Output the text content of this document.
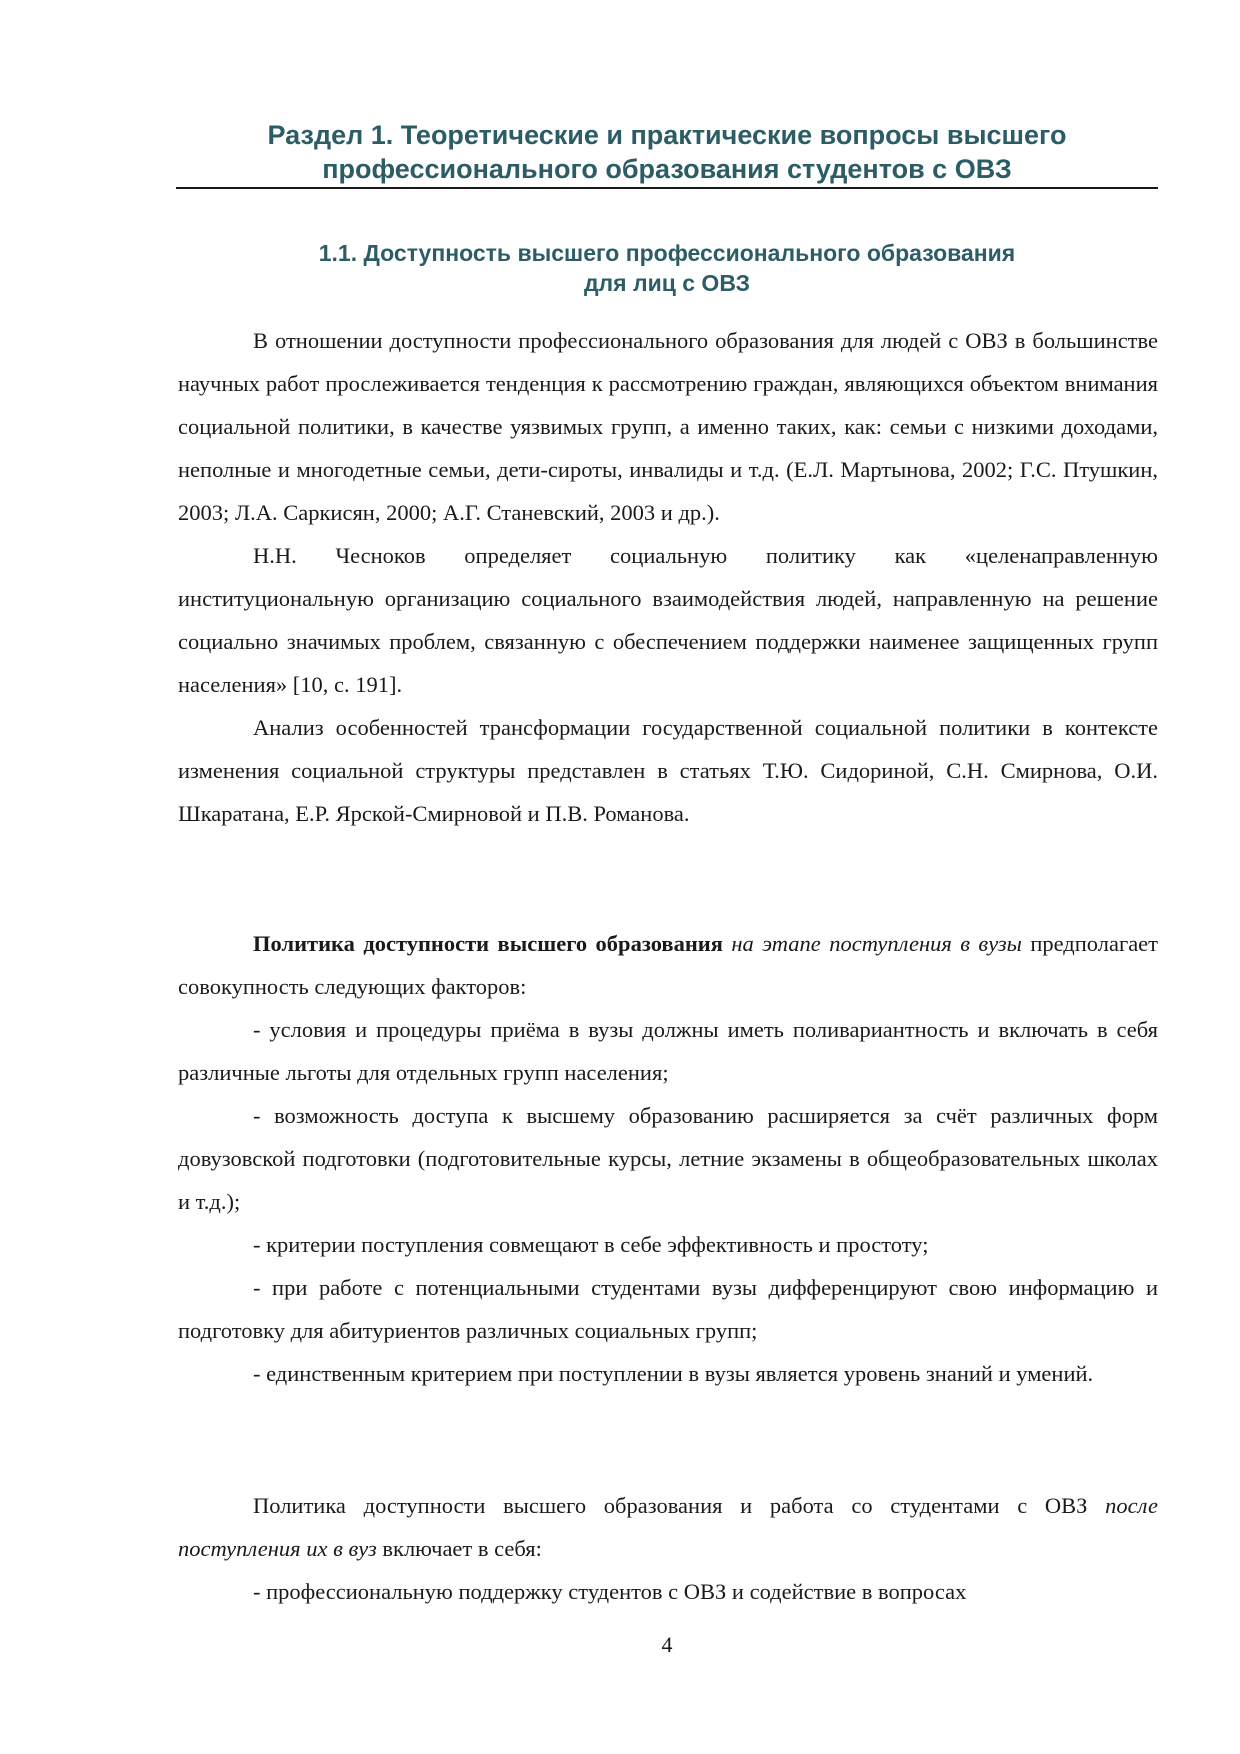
Раздел 1. Теоретические и практические вопросы высшего
профессионального образования студентов с ОВЗ
1.1. Доступность высшего профессионального образования
для лиц с ОВЗ

В отношении доступности профессионального образования для людей с ОВЗ в большинстве научных работ прослеживается тенденция к рассмотрению граждан, являющихся объектом внимания социальной политики, в качестве уязвимых групп, а именно таких, как: семьи с низкими доходами, неполные и многодетные семьи, дети-сироты, инвалиды и т.д. (Е.Л. Мартынова, 2002; Г.С. Птушкин, 2003; Л.А. Саркисян, 2000; А.Г. Станевский, 2003 и др.).

Н.Н. Чесноков определяет социальную политику как «целенаправленную институциональную организацию социального взаимодействия людей, направленную на решение социально значимых проблем, связанную с обеспечением поддержки наименее защищенных групп населения» [10, с. 191].

Анализ особенностей трансформации государственной социальной политики в контексте изменения социальной структуры представлен в статьях Т.Ю. Сидориной, С.Н. Смирнова, О.И. Шкаратана, Е.Р. Ярской-Смирновой и П.В. Романова.

Политика доступности высшего образования на этапе поступления в вузы предполагает совокупность следующих факторов:

- условия и процедуры приёма в вузы должны иметь поливариантность и включать в себя различные льготы для отдельных групп населения;

- возможность доступа к высшему образованию расширяется за счёт различных форм довузовской подготовки (подготовительные курсы, летние экзамены в общеобразовательных школах и т.д.);

- критерии поступления совмещают в себе эффективность и простоту;

- при работе с потенциальными студентами вузы дифференцируют свою информацию и подготовку для абитуриентов различных социальных групп;

- единственным критерием при поступлении в вузы является уровень знаний и умений.

Политика доступности высшего образования и работа со студентами с ОВЗ после поступления их в вуз включает в себя:

- профессиональную поддержку студентов с ОВЗ и содействие в вопросах

4
